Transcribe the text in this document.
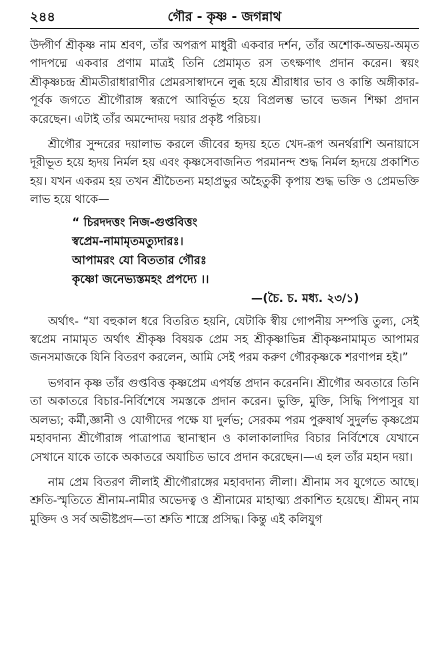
২৪৪	গৌর - কৃষ্ণ - জগন্নাথ

উদ্গীর্ণ শ্রীকৃষ্ণ নাম শ্রবণ, তাঁর অপরূপ মাধুরী একবার দর্শন, তাঁর অশোক-অভয়-অমৃত পাদপদ্মে একবার প্রণাম মাত্রই তিনি প্রেমামৃত রস তৎক্ষণাৎ প্রদান করেন। স্বয়ং শ্রীকৃষ্ণচন্দ্র শ্রীমতীরাধারাণীর প্রেমরসাস্বাদনে লুব্ধ হয়ে শ্রীরাধার ভাব ও কান্তি অঙ্গীকার-পূর্বক জগতে শ্রীগৌরাঙ্গ স্বরূপে আবির্ভূত হয়ে বিপ্রলম্ভ ভাবে ভজন শিক্ষা প্রদান করেছেন। এটাই তাঁর অমন্দোদয় দয়ার প্রকৃষ্ট পরিচয়।

শ্রীগৌর সুন্দরের দয়ালাভ করলে জীবের হৃদয় হতে খেদ-রূপ অনর্থরাশি অনায়াসে দূরীভূত হয়ে হৃদয় নির্মল হয় এবং কৃষ্ণসেবাজনিত পরমানন্দ শুদ্ধ নির্মল হৃদয়ে প্রকাশিত হয়। যখন একরম হয় তখন শ্রীচৈতন্য মহাপ্রভুর অহৈতুকী কৃপায় শুদ্ধ ভক্তি ও প্রেমভক্তি লাভ হয়ে থাকে—

“ চিরদদত্তং নিজ-গুপ্তবিত্তং
স্বপ্রেম-নামামৃতমত্যুদারঃ।
আপামরং যো বিততার গৌরঃ
কৃষ্ণো জনেভ্যস্তমহং প্রপদ্যে ।।
—(চৈ. চ. মধ্য. ২৩/১)

অর্থাৎ- “যা বহুকাল ধরে বিতরিত হয়নি, যেটাকি স্বীয় গোপনীয় সম্পত্তি তুল্য, সেই স্বপ্রেম নামামৃত অর্থাৎ শ্রীকৃষ্ণ বিষয়ক প্রেম সহ শ্রীকৃষ্ণাভিন্ন শ্রীকৃষ্ণনামামৃত আপামর জনসমাজকে যিনি বিতরণ করলেন, আমি সেই পরম করুণ গৌরকৃষ্ণকে শরণাপন্ন হই।”

ভগবান কৃষ্ণ তাঁর গুপ্তবিত্ত কৃষ্ণপ্রেম এপর্যন্ত প্রদান করেননি। শ্রীগৌর অবতারে তিনি তা অকাতরে বিচার-নির্বিশেষে সমস্তকে প্রদান করেন। ভুক্তি, মুক্তি, সিদ্ধি পিপাসুর যা অলভ্য; কর্মী,জ্ঞানী ও যোগীদের পক্ষে যা দুর্লভ; সেরকম পরম পুরুষার্থ সুদুর্লভ কৃষ্ণপ্রেম মহাবদান্য শ্রীগৌরাঙ্গ পাত্রাপাত্র স্থানাস্থান ও কালাকালাদির বিচার নির্বিশেষে যেখানে সেখানে যাকে তাকে অকাতরে অযাচিত ভাবে প্রদান করেছেন।—এ হল তাঁর মহান দয়া।

নাম প্রেম বিতরণ লীলাই শ্রীগৌরাঙ্গের মহাবদান্য লীলা। শ্রীনাম সব যুগেতে আছে। শ্রুতি-স্মৃতিতে শ্রীনাম-নামীর অভেদত্ব ও শ্রীনামের মাহাত্ম্য প্রকাশিত হয়েছে। শ্রীমন্ নাম মুক্তিদ ও সর্ব অভীষ্টপ্রদ—তা শ্রুতি শাস্ত্রে প্রসিদ্ধ। কিন্তু এই কলিযুগ
